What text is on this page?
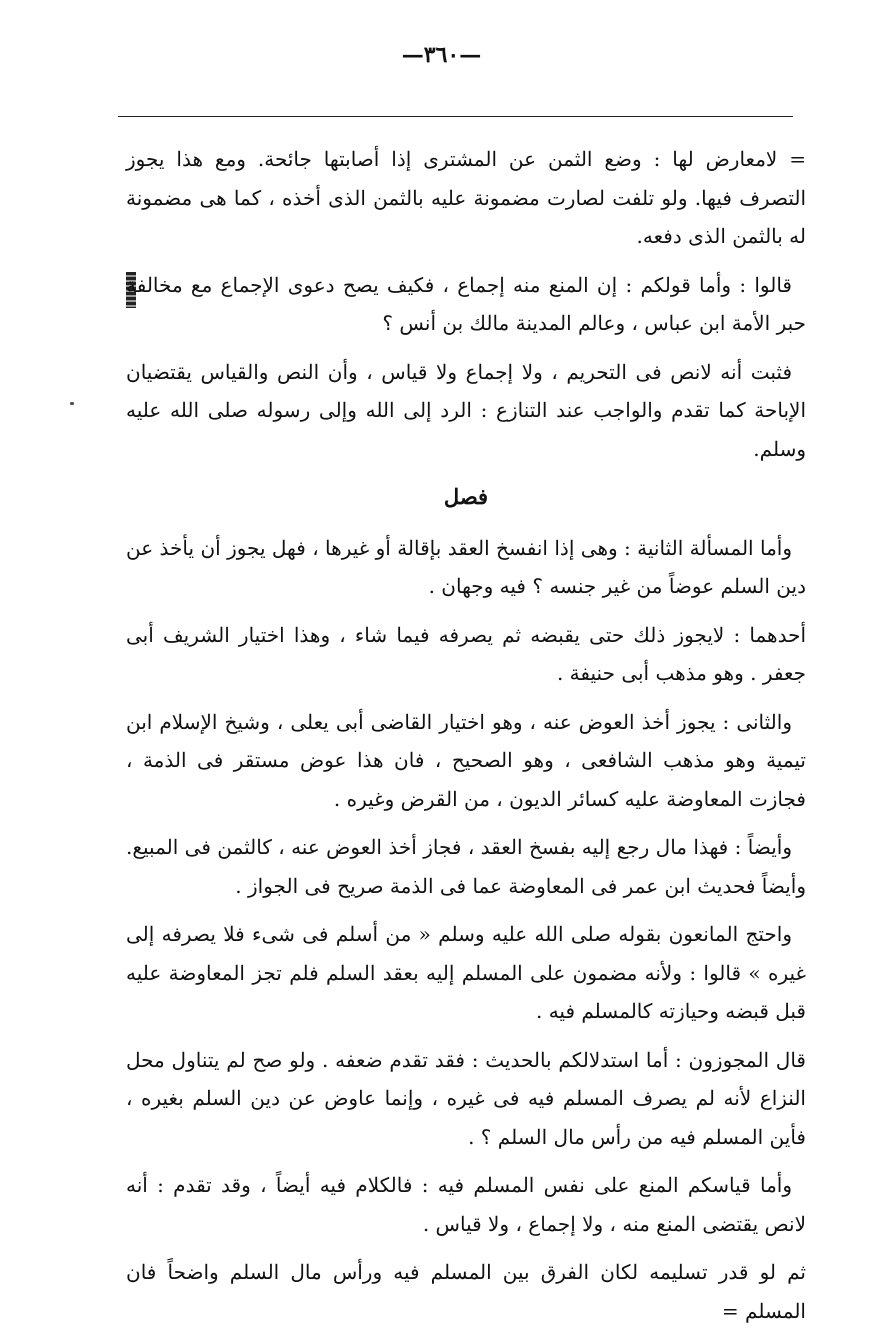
—٣٦٠—

= لامعارض لها : وضع الثمن عن المشترى إذا أصابتها جائحة. ومع هذا يجوز التصرف فيها. ولو تلفت لصارت مضمونة عليه بالثمن الذى أخذه ، كما هى مضمونة له بالثمن الذى دفعه.

قالوا : وأما قولكم : إن المنع منه إجماع ، فكيف يصح دعوى الإجماع مع مخالفة حبر الأمة ابن عباس ، وعالم المدينة مالك بن أنس ؟

فثبت أنه لانص فى التحريم ، ولا إجماع ولا قياس ، وأن النص والقياس يقتضيان الإباحة كما تقدم والواجب عند التنازع : الرد إلى الله وإلى رسوله صلى الله عليه وسلم.

فصل

وأما المسألة الثانية : وهى إذا انفسخ العقد بإقالة أو غيرها ، فهل يجوز أن يأخذ عن دين السلم عوضاً من غير جنسه ؟ فيه وجهان .

أحدهما : لايجوز ذلك حتى يقبضه ثم يصرفه فيما شاء ، وهذا اختيار الشريف أبى جعفر . وهو مذهب أبى حنيفة .

والثانى : يجوز أخذ العوض عنه ، وهو اختيار القاضى أبى يعلى ، وشيخ الإسلام ابن تيمية وهو مذهب الشافعى ، وهو الصحيح ، فان هذا عوض مستقر فى الذمة ، فجازت المعاوضة عليه كسائر الديون ، من القرض وغيره .

وأيضاً : فهذا مال رجع إليه بفسخ العقد ، فجاز أخذ العوض عنه ، كالثمن فى المبيع. وأيضاً فحديث ابن عمر فى المعاوضة عما فى الذمة صريح فى الجواز .

واحتج المانعون بقوله صلى الله عليه وسلم « من أسلم فى شىء فلا يصرفه إلى غيره » قالوا : ولأنه مضمون على المسلم إليه بعقد السلم فلم تجز المعاوضة عليه قبل قبضه وحيازته كالمسلم فيه .

قال المجوزون : أما استدلالكم بالحديث : فقد تقدم ضعفه . ولو صح لم يتناول محل النزاع لأنه لم يصرف المسلم فيه فى غيره ، وإنما عاوض عن دين السلم بغيره ، فأين المسلم فيه من رأس مال السلم ؟ .

وأما قياسكم المنع على نفس المسلم فيه : فالكلام فيه أيضاً ، وقد تقدم : أنه لانص يقتضى المنع منه ، ولا إجماع ، ولا قياس .

ثم لو قدر تسليمه لكان الفرق بين المسلم فيه ورأس مال السلم واضحاً فان المسلم =
